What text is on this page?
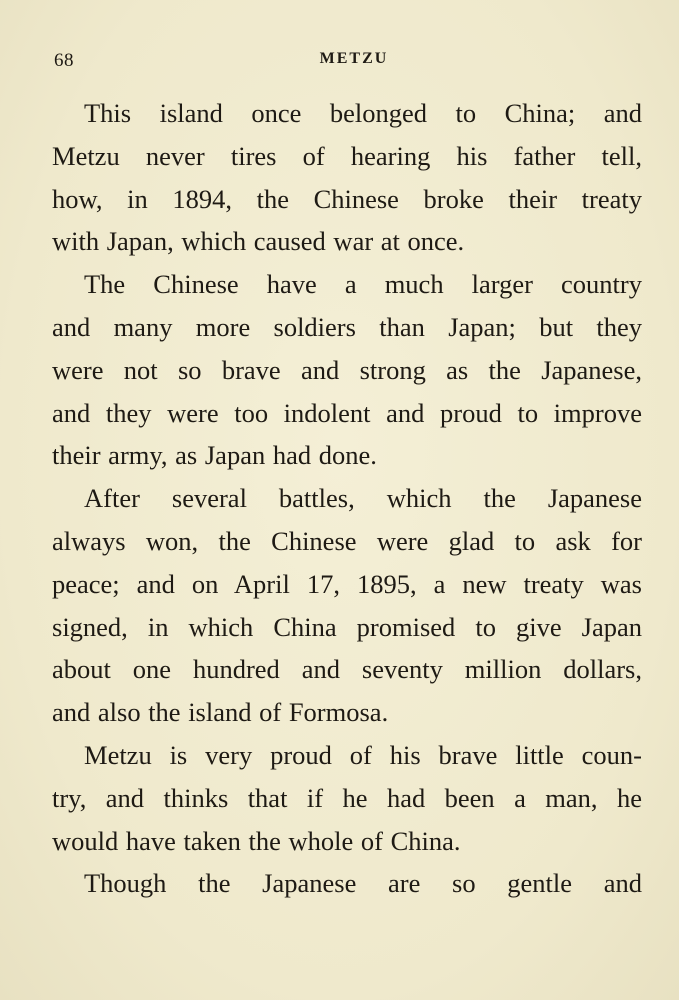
68	METZU
This island once belonged to China; and
Metzu never tires of hearing his father tell,
how, in 1894, the Chinese broke their treaty
with Japan, which caused war at once.
The Chinese have a much larger country
and many more soldiers than Japan; but they
were not so brave and strong as the Japanese,
and they were too indolent and proud to improve
their army, as Japan had done.
After several battles, which the Japanese
always won, the Chinese were glad to ask for
peace; and on April 17, 1895, a new treaty was
signed, in which China promised to give Japan
about one hundred and seventy million dollars,
and also the island of Formosa.
Metzu is very proud of his brave little coun-
try, and thinks that if he had been a man, he
would have taken the whole of China.
Though the Japanese are so gentle and
